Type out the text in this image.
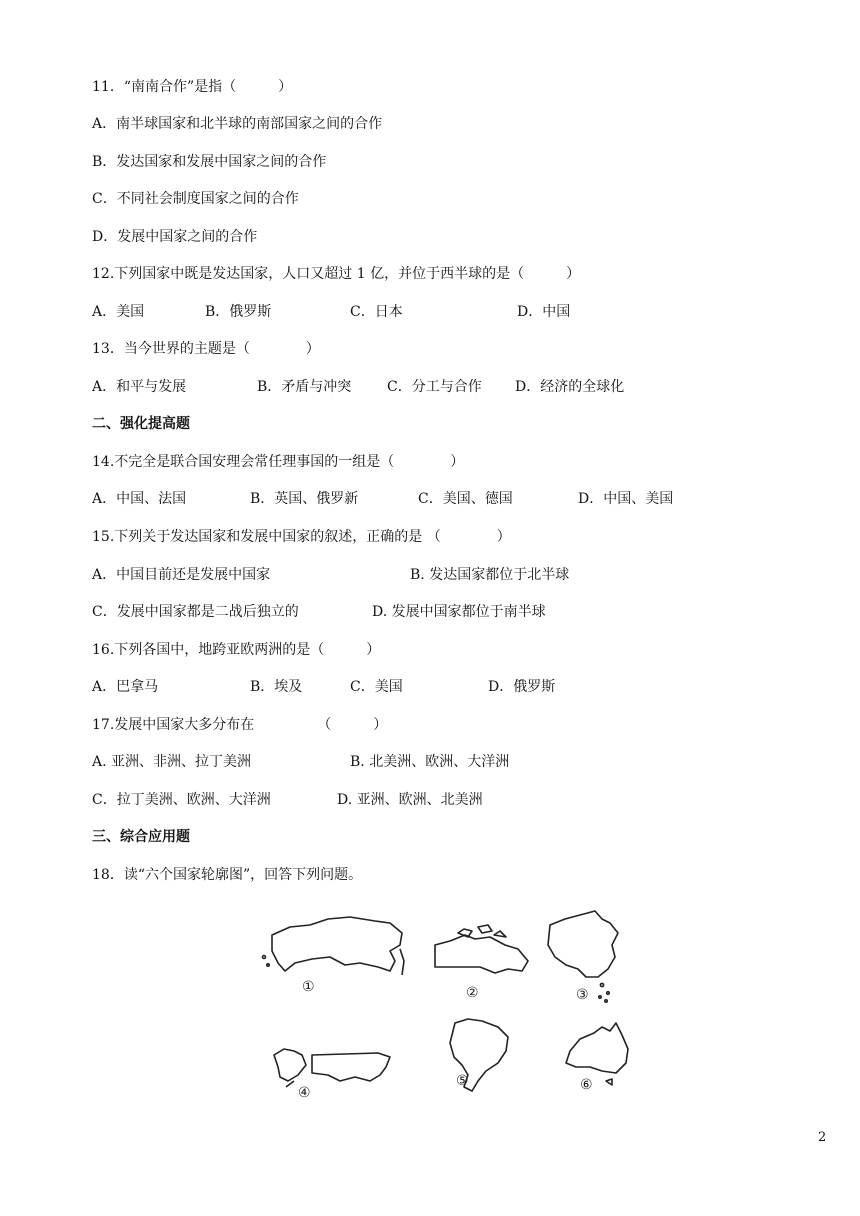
11．“南南合作”是指（　　　）
A．南半球国家和北半球的南部国家之间的合作
B．发达国家和发展中国家之间的合作
C．不同社会制度国家之间的合作
D．发展中国家之间的合作
12.下列国家中既是发达国家，人口又超过 1 亿，并位于西半球的是（　　　）
A．美国	B．俄罗斯	C．日本	D．中国
13．当今世界的主题是（　　　　）
A．和平与发展	B．矛盾与冲突	C．分工与合作 D．经济的全球化
二、强化提高题
14.不完全是联合国安理会常任理事国的一组是（　　　　）
A．中国、法国	B．英国、俄罗新	C．美国、德国	D．中国、美国
15.下列关于发达国家和发展中国家的叙述，正确的是 （　　　　）
A．中国目前还是发展中国家	B. 发达国家都位于北半球
C．发展中国家都是二战后独立的	D. 发展中国家都位于南半球
16.下列各国中，地跨亚欧两洲的是（　　　）
A．巴拿马	B．埃及	C．美国	D．俄罗斯
17.发展中国家大多分布在　　　　　（　　　）
A. 亚洲、非洲、拉丁美洲	B. 北美洲、欧洲、大洋洲
C．拉丁美洲、欧洲、大洋洲	D. 亚洲、欧洲、北美洲
三、综合应用题
18．读“六个国家轮廓图”，回答下列问题。
①	②	③
④
⑤	⑥
2
